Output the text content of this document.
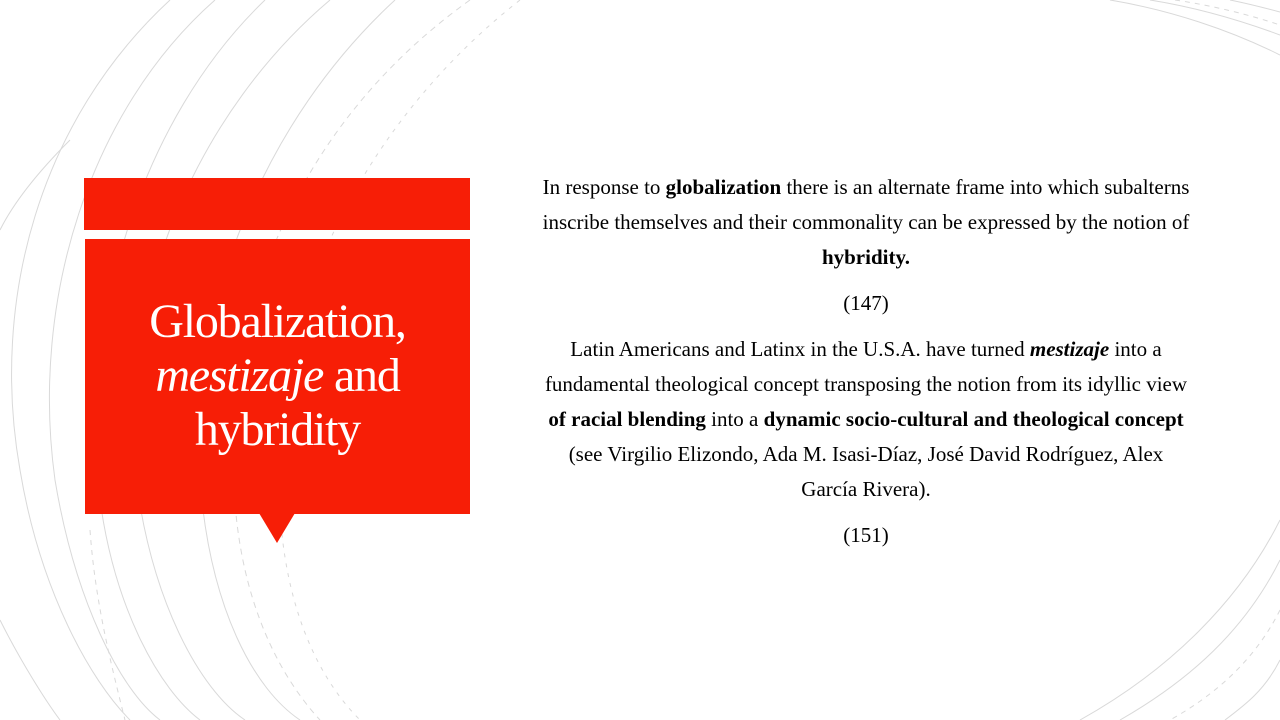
Globalization,
mestizaje and
hybridity

In response to globalization there is an alternate frame into which subalterns inscribe themselves and their commonality can be expressed by the notion of hybridity.

(147)

Latin Americans and Latinx in the U.S.A. have turned mestizaje into a fundamental theological concept transposing the notion from its idyllic view of racial blending into a dynamic socio-cultural and theological concept (see Virgilio Elizondo, Ada M. Isasi-Díaz, José David Rodríguez, Alex García Rivera).

(151)
